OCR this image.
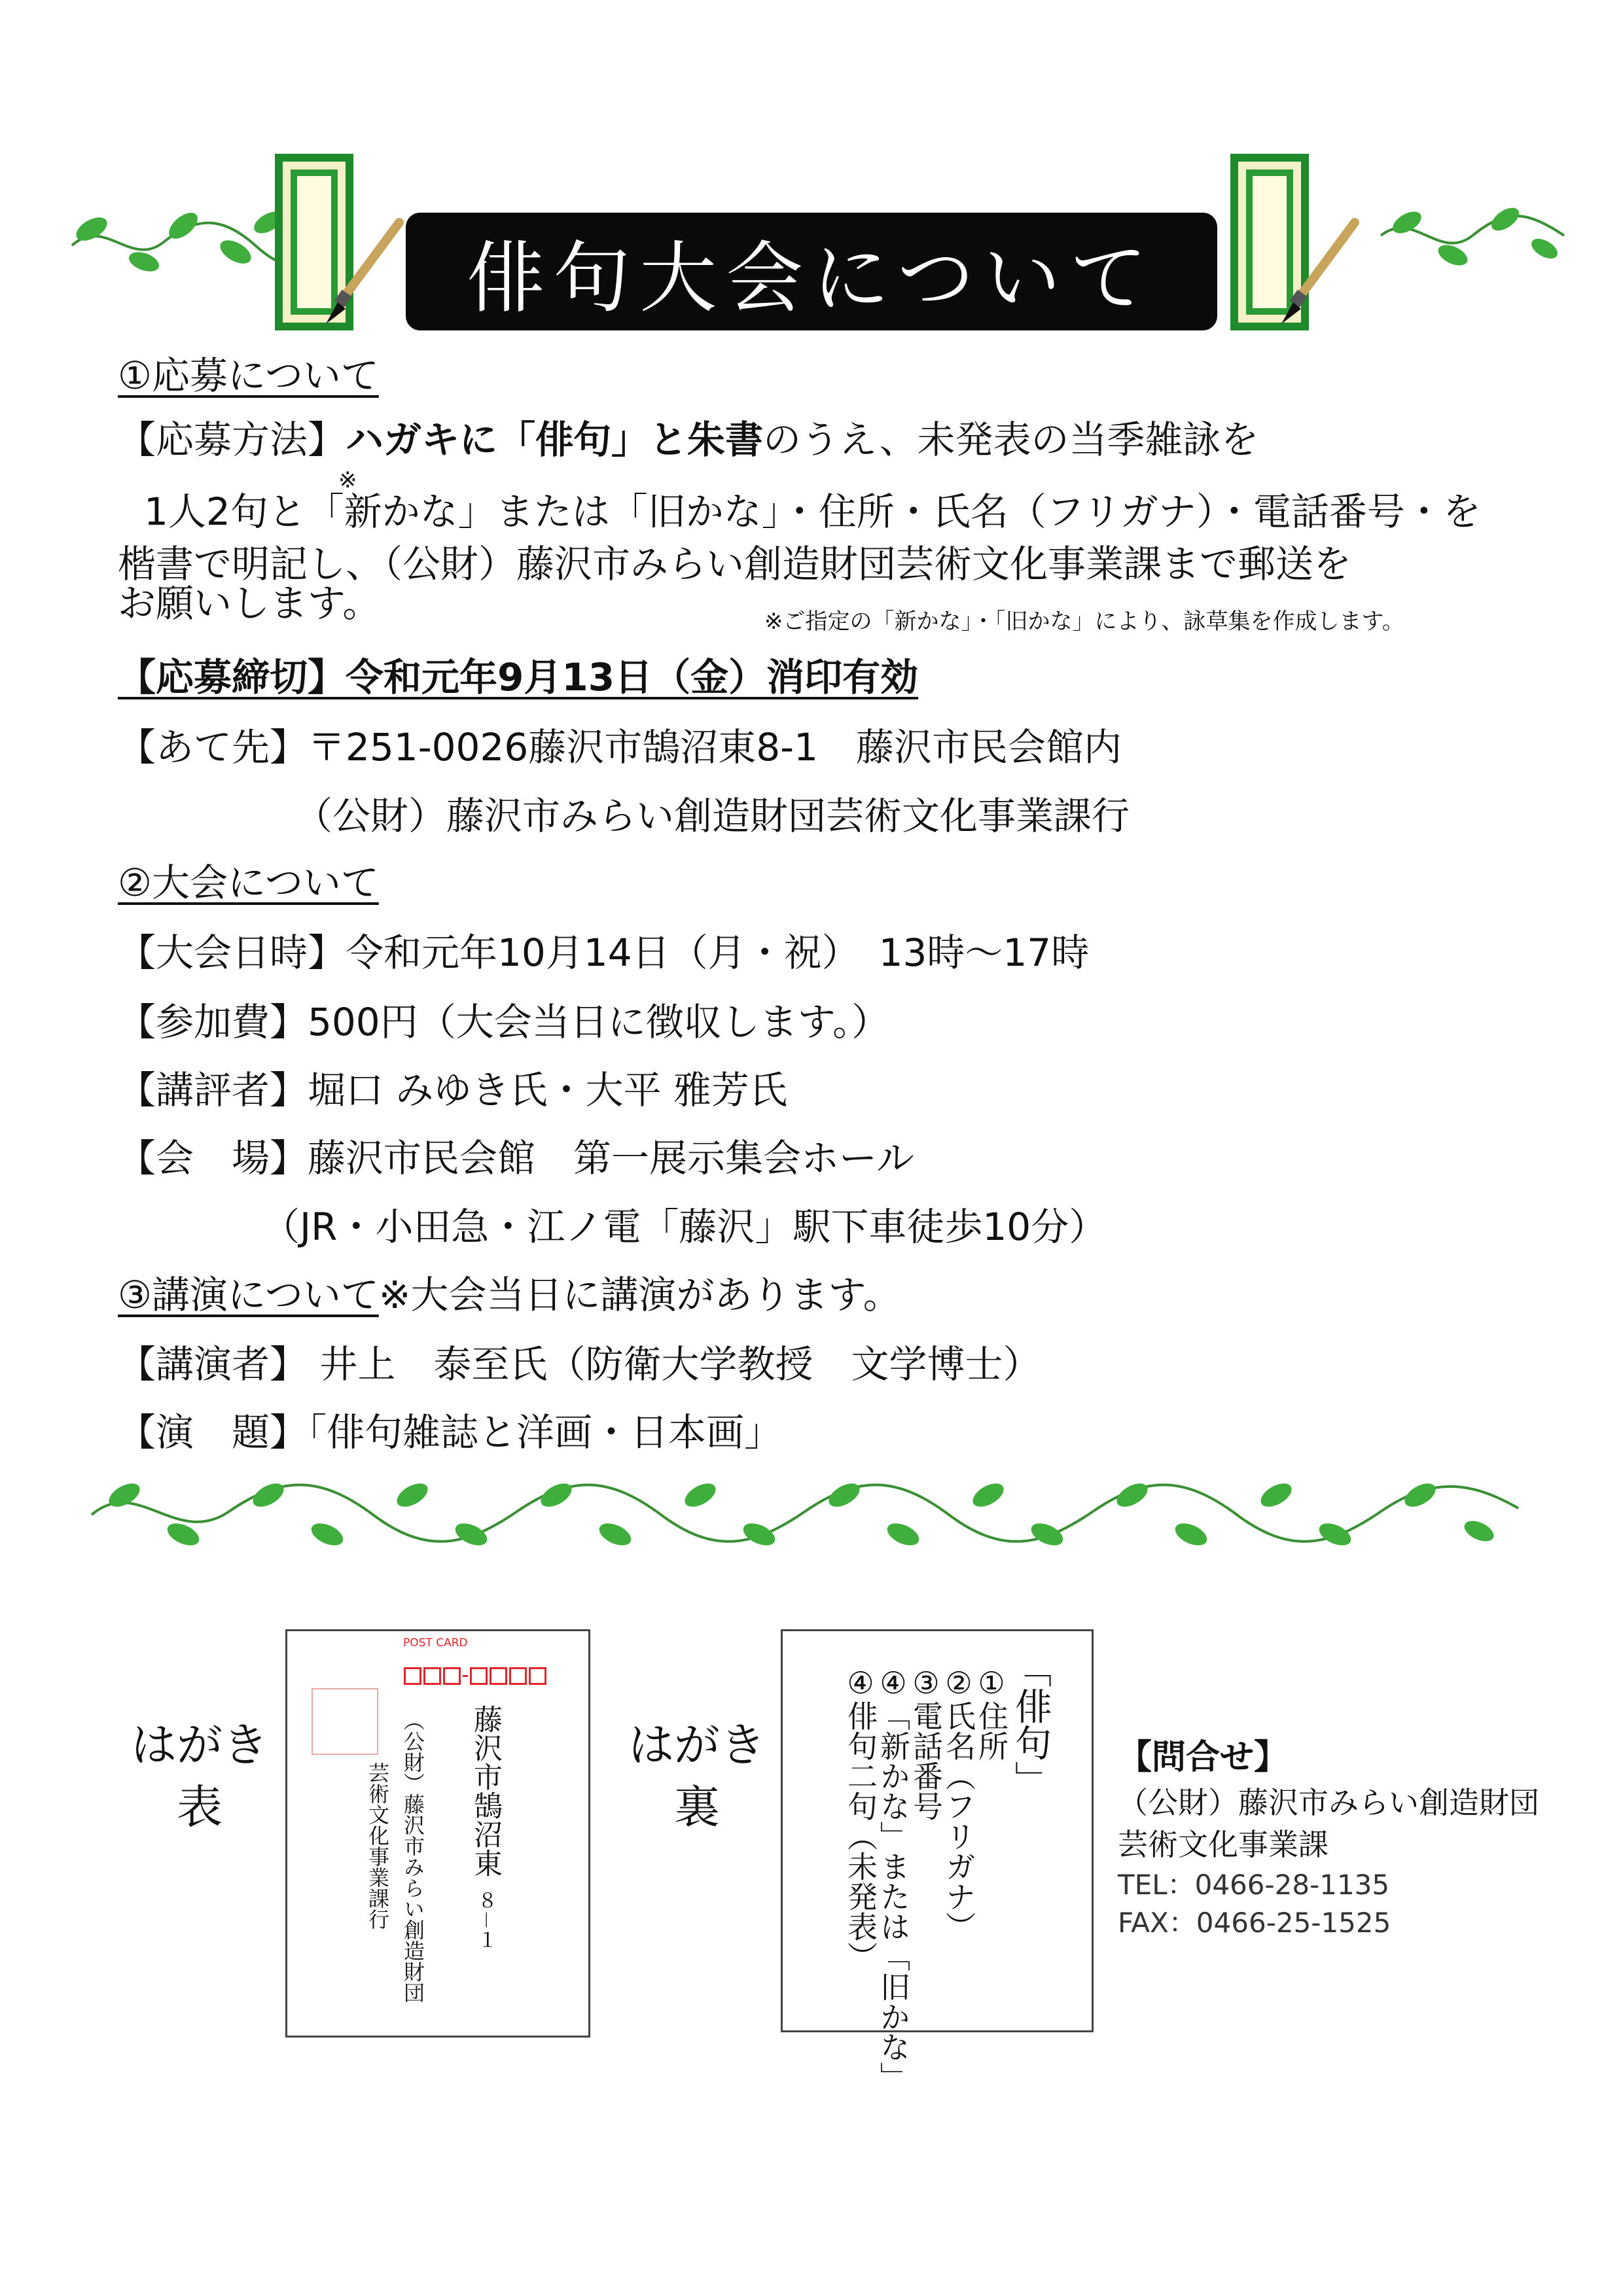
俳句大会について
①応募について
【応募方法】ハガキに「俳句」と朱書のうえ、未発表の当季雑詠を
※
1人2句と「新かな」または「旧かな」・住所・氏名（フリガナ）・電話番号・を
楷書で明記し、（公財）藤沢市みらい創造財団芸術文化事業課まで郵送を
お願いします。	※ご指定の「新かな」・「旧かな」により、詠草集を作成します。
【応募締切】令和元年9月13日（金）消印有効
【あて先】〒251-0026藤沢市鵠沼東8-1　藤沢市民会館内
（公財）藤沢市みらい創造財団芸術文化事業課行
②大会について
【大会日時】令和元年10月14日（月・祝）　13時～17時
【参加費】500円（大会当日に徴収します。）
【講評者】堀口 みゆき氏・大平 雅芳氏
【会　場】藤沢市民会館　第一展示集会ホール
（JR・小田急・江ノ電「藤沢」駅下車徒歩10分）
③講演について※大会当日に講演があります。
【講演者】 井上　泰至氏（防衛大学教授　文学博士）
【演　題】「俳句雑誌と洋画・日本画」
はがき
表
POST CARD
藤沢市鵠沼東８－１
（公財）藤沢市みらい創造財団
芸術文化事業課行
はがき
裏
「俳句」
①住所
②氏名（フリガナ）
③電話番号
④「新かな」または「旧かな」
④俳句二句（未発表）	【問合せ】
（公財）藤沢市みらい創造財団
芸術文化事業課
TEL：0466-28-1135
FAX：0466-25-1525
